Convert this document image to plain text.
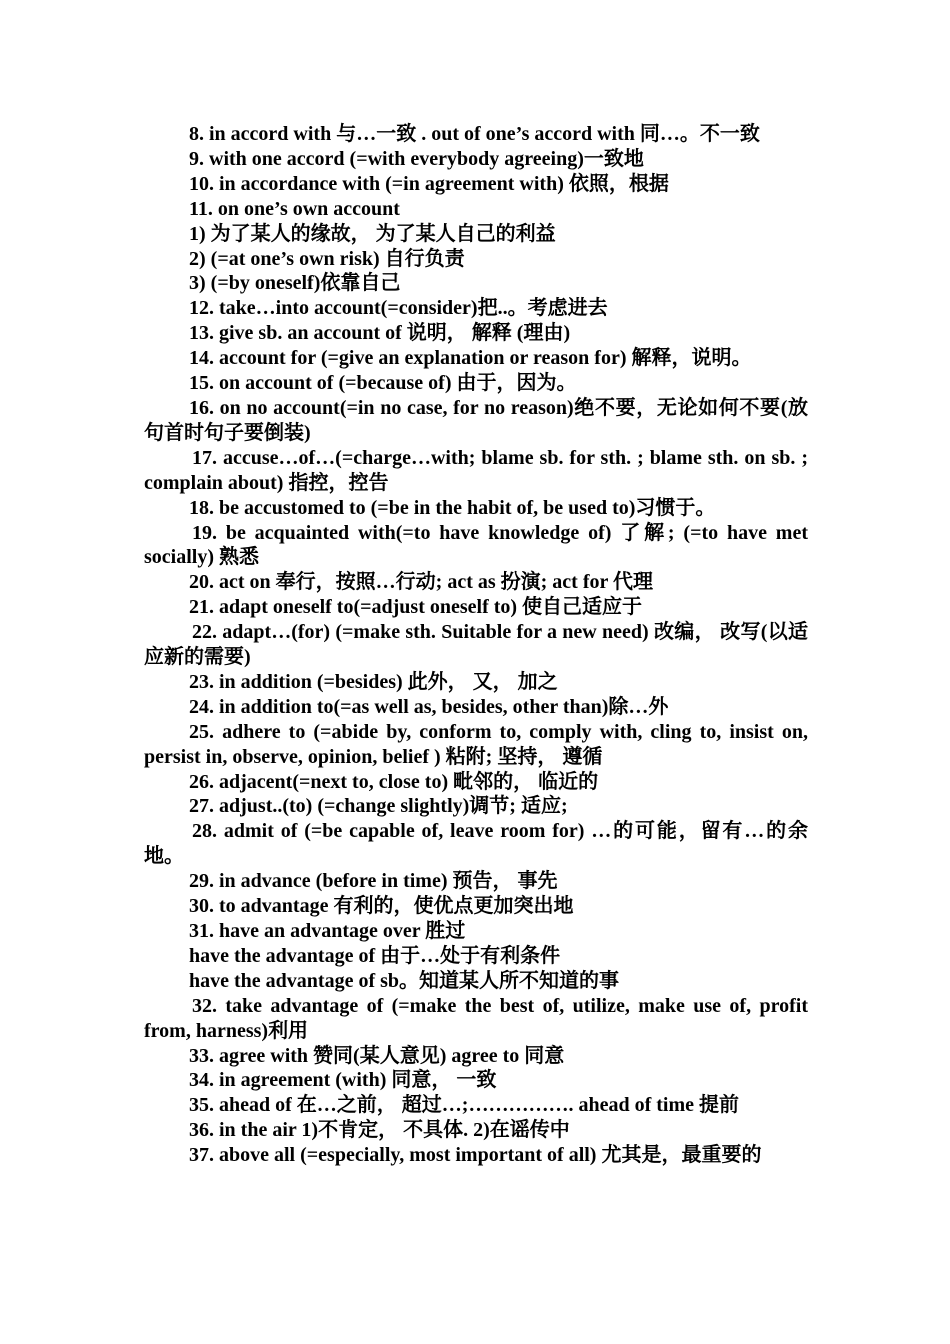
8. in accord with 与…一致 . out of one’s accord with 同…。不一致

9. with one accord (=with everybody agreeing)一致地

10. in accordance with (=in agreement with) 依照，根据

11. on one’s own account

1) 为了某人的缘故， 为了某人自己的利益

2) (=at one’s own risk) 自行负责

3) (=by oneself)依靠自己

12. take…into account(=consider)把..。考虑进去

13. give sb. an account of 说明， 解释 (理由)

14. account for (=give an explanation or reason for) 解释，说明。

15. on account of (=because of) 由于，因为。

16. on no account(=in no case, for no reason)绝不要，无论如何不要(放句首时句子要倒装)

17. accuse…of…(=charge…with; blame sb. for sth. ; blame sth. on sb. ; complain about) 指控，控告

18. be accustomed to (=be in the habit of, be used to)习惯于。

19. be acquainted with(=to have knowledge of) 了解; (=to have met socially) 熟悉

20. act on 奉行，按照…行动; act as 扮演; act for 代理

21. adapt oneself to(=adjust oneself to) 使自己适应于

22. adapt…(for) (=make sth. Suitable for a new need) 改编， 改写(以适应新的需要)

23. in addition (=besides) 此外， 又， 加之

24. in addition to(=as well as, besides, other than)除…外

25. adhere to (=abide by, conform to, comply with, cling to, insist on, persist in, observe, opinion, belief ) 粘附; 坚持， 遵循

26. adjacent(=next to, close to) 毗邻的， 临近的

27. adjust..(to) (=change slightly)调节; 适应;

28. admit of (=be capable of, leave room for) …的可能，留有…的余地。

29. in advance (before in time) 预告， 事先

30. to advantage 有利的，使优点更加突出地

31. have an advantage over 胜过

have the advantage of 由于…处于有利条件

have the advantage of sb。知道某人所不知道的事

32. take advantage of (=make the best of, utilize, make use of, profit from, harness)利用

33. agree with 赞同(某人意见) agree to 同意

34. in agreement (with) 同意， 一致

35. ahead of 在…之前， 超过…;……………. ahead of time 提前

36. in the air 1)不肯定， 不具体. 2)在谣传中

37. above all (=especially, most important of all) 尤其是，最重要的
